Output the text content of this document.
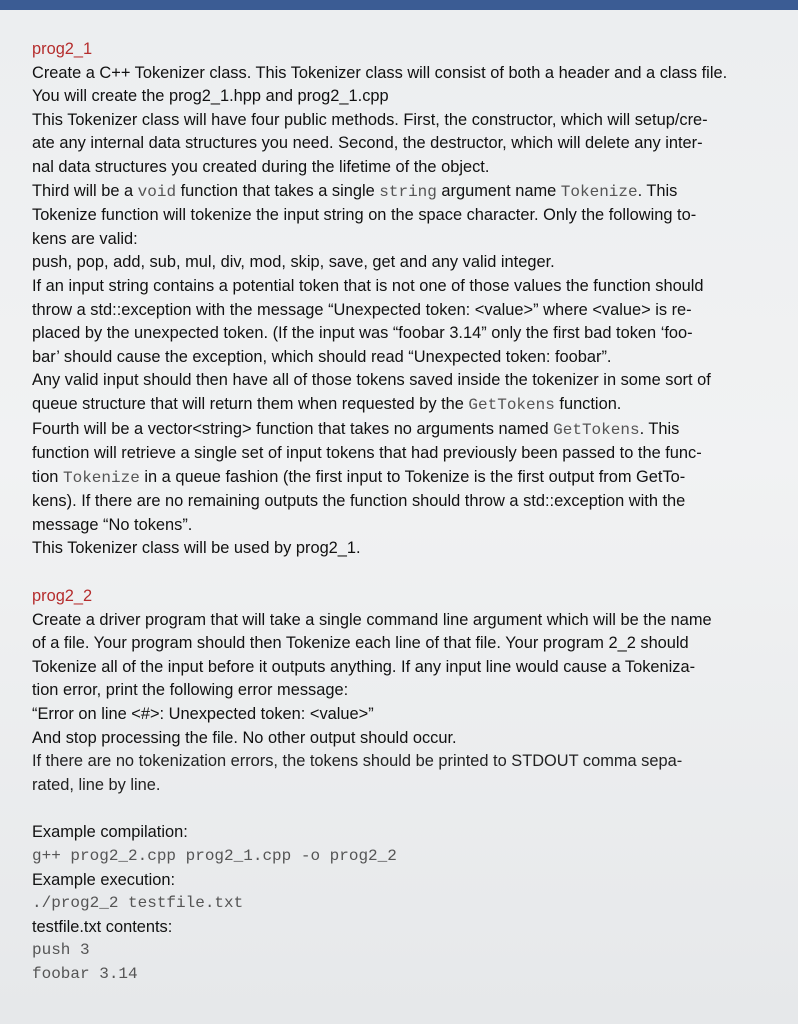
prog2_1

Create a C++ Tokenizer class. This Tokenizer class will consist of both a header and a class file.

You will create the prog2_1.hpp and prog2_1.cpp

This Tokenizer class will have four public methods. First, the constructor, which will setup/cre-

ate any internal data structures you need. Second, the destructor, which will delete any inter-

nal data structures you created during the lifetime of the object.

Third will be a void function that takes a single string argument name Tokenize. This

Tokenize function will tokenize the input string on the space character. Only the following to-

kens are valid:

push, pop, add, sub, mul, div, mod, skip, save, get and any valid integer.

If an input string contains a potential token that is not one of those values the function should

throw a std::exception with the message “Unexpected token: <value>” where <value> is re-

placed by the unexpected token. (If the input was “foobar 3.14” only the first bad token ‘foo-

bar’ should cause the exception, which should read “Unexpected token: foobar”.

Any valid input should then have all of those tokens saved inside the tokenizer in some sort of

queue structure that will return them when requested by the GetTokens function.

Fourth will be a vector<string> function that takes no arguments named GetTokens. This

function will retrieve a single set of input tokens that had previously been passed to the func-

tion Tokenize in a queue fashion (the first input to Tokenize is the first output from GetTo-

kens). If there are no remaining outputs the function should throw a std::exception with the

message “No tokens”.

This Tokenizer class will be used by prog2_1.

prog2_2

Create a driver program that will take a single command line argument which will be the name

of a file. Your program should then Tokenize each line of that file. Your program 2_2 should

Tokenize all of the input before it outputs anything. If any input line would cause a Tokeniza-

tion error, print the following error message:

“Error on line <#>: Unexpected token: <value>”

And stop processing the file. No other output should occur.

If there are no tokenization errors, the tokens should be printed to STDOUT comma sepa-

rated, line by line.

Example compilation:

g++ prog2_2.cpp prog2_1.cpp -o prog2_2

Example execution:

./prog2_2 testfile.txt

testfile.txt contents:

push 3

foobar 3.14
